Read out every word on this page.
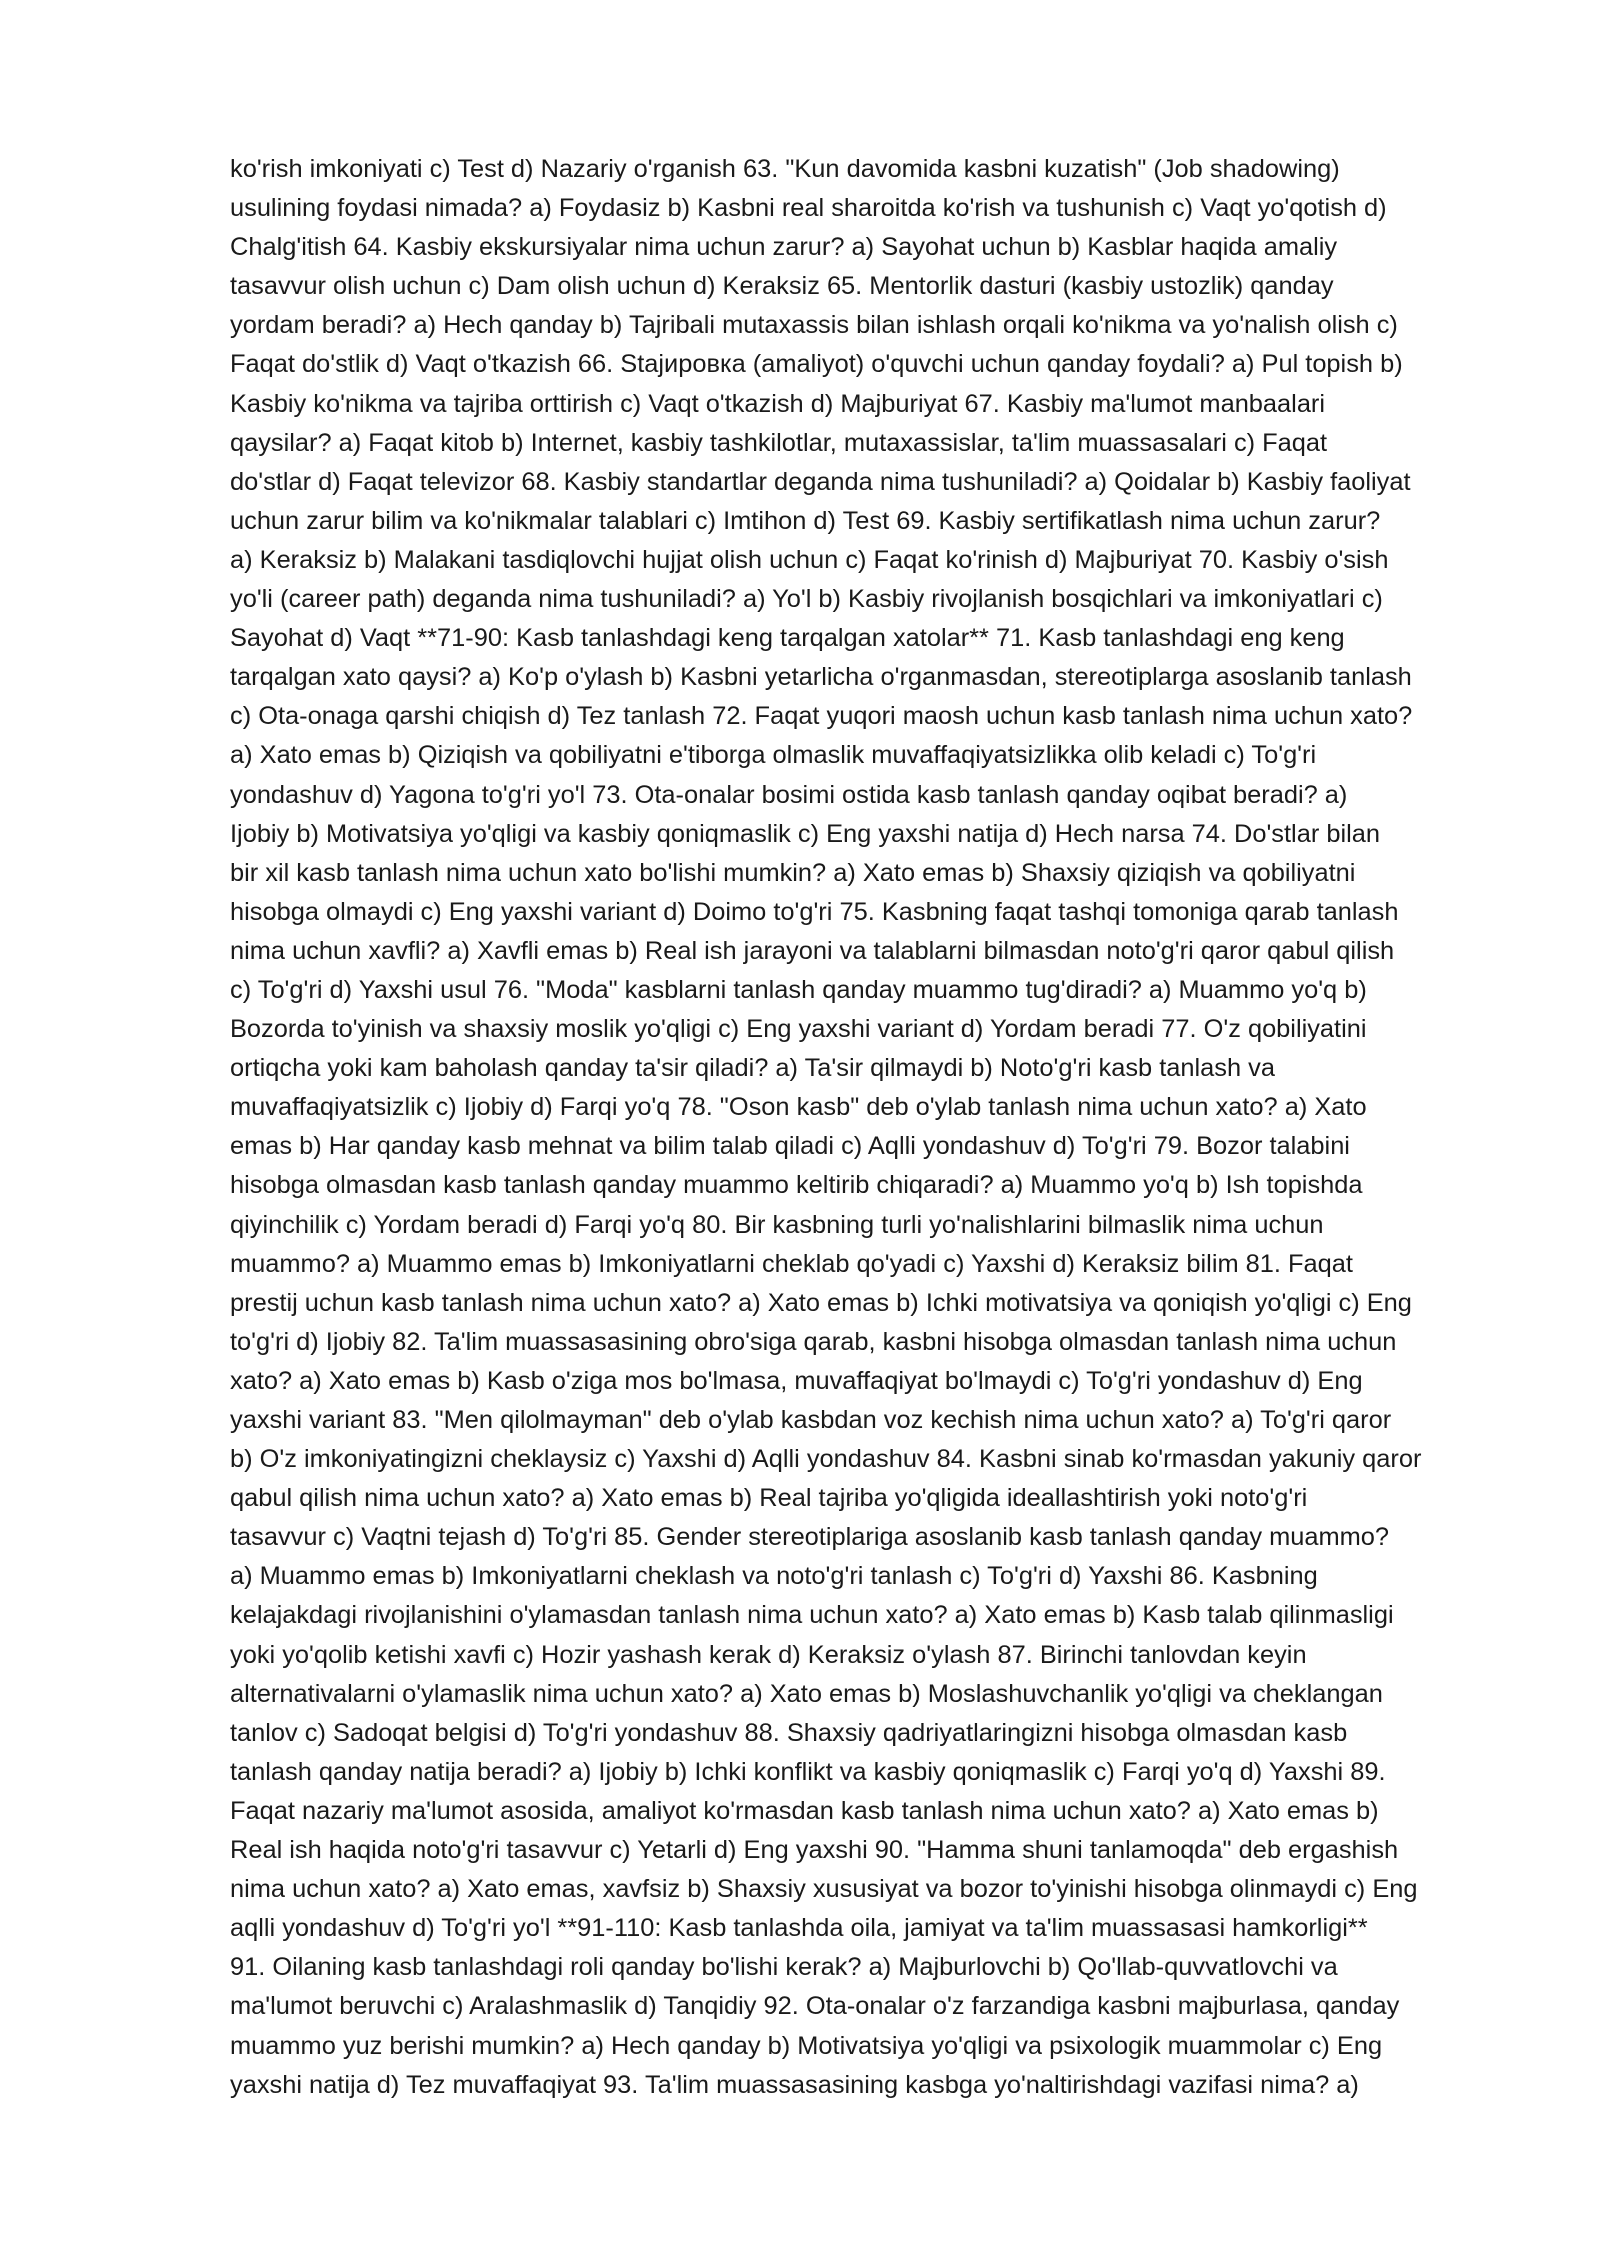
ko'rish imkoniyati c) Test d) Nazariy o'rganish 63. "Kun davomida kasbni kuzatish" (Job shadowing)
usulining foydasi nimada? a) Foydasiz b) Kasbni real sharoitda ko'rish va tushunish c) Vaqt yo'qotish d)
Chalg'itish 64. Kasbiy ekskursiyalar nima uchun zarur? a) Sayohat uchun b) Kasblar haqida amaliy
tasavvur olish uchun c) Dam olish uchun d) Keraksiz 65. Mentorlik dasturi (kasbiy ustozlik) qanday
yordam beradi? a) Hech qanday b) Tajribali mutaxassis bilan ishlash orqali ko'nikma va yo'nalish olish c)
Faqat do'stlik d) Vaqt o'tkazish 66. Stajировка (amaliyot) o'quvchi uchun qanday foydali? a) Pul topish b)
Kasbiy ko'nikma va tajriba orttirish c) Vaqt o'tkazish d) Majburiyat 67. Kasbiy ma'lumot manbaalari
qaysilar? a) Faqat kitob b) Internet, kasbiy tashkilotlar, mutaxassislar, ta'lim muassasalari c) Faqat
do'stlar d) Faqat televizor 68. Kasbiy standartlar deganda nima tushuniladi? a) Qoidalar b) Kasbiy faoliyat
uchun zarur bilim va ko'nikmalar talablari c) Imtihon d) Test 69. Kasbiy sertifikatlash nima uchun zarur?
a) Keraksiz b) Malakani tasdiqlovchi hujjat olish uchun c) Faqat ko'rinish d) Majburiyat 70. Kasbiy o'sish
yo'li (career path) deganda nima tushuniladi? a) Yo'l b) Kasbiy rivojlanish bosqichlari va imkoniyatlari c)
Sayohat d) Vaqt **71-90: Kasb tanlashdagi keng tarqalgan xatolar** 71. Kasb tanlashdagi eng keng
tarqalgan xato qaysi? a) Ko'p o'ylash b) Kasbni yetarlicha o'rganmasdan, stereotiplarga asoslanib tanlash
c) Ota-onaga qarshi chiqish d) Tez tanlash 72. Faqat yuqori maosh uchun kasb tanlash nima uchun xato?
a) Xato emas b) Qiziqish va qobiliyatni e'tiborga olmaslik muvaffaqiyatsizlikka olib keladi c) To'g'ri
yondashuv d) Yagona to'g'ri yo'l 73. Ota-onalar bosimi ostida kasb tanlash qanday oqibat beradi? a)
Ijobiy b) Motivatsiya yo'qligi va kasbiy qoniqmaslik c) Eng yaxshi natija d) Hech narsa 74. Do'stlar bilan
bir xil kasb tanlash nima uchun xato bo'lishi mumkin? a) Xato emas b) Shaxsiy qiziqish va qobiliyatni
hisobga olmaydi c) Eng yaxshi variant d) Doimo to'g'ri 75. Kasbning faqat tashqi tomoniga qarab tanlash
nima uchun xavfli? a) Xavfli emas b) Real ish jarayoni va talablarni bilmasdan noto'g'ri qaror qabul qilish
c) To'g'ri d) Yaxshi usul 76. "Moda" kasblarni tanlash qanday muammo tug'diradi? a) Muammo yo'q b)
Bozorda to'yinish va shaxsiy moslik yo'qligi c) Eng yaxshi variant d) Yordam beradi 77. O'z qobiliyatini
ortiqcha yoki kam baholash qanday ta'sir qiladi? a) Ta'sir qilmaydi b) Noto'g'ri kasb tanlash va
muvaffaqiyatsizlik c) Ijobiy d) Farqi yo'q 78. "Oson kasb" deb o'ylab tanlash nima uchun xato? a) Xato
emas b) Har qanday kasb mehnat va bilim talab qiladi c) Aqlli yondashuv d) To'g'ri 79. Bozor talabini
hisobga olmasdan kasb tanlash qanday muammo keltirib chiqaradi? a) Muammo yo'q b) Ish topishda
qiyinchilik c) Yordam beradi d) Farqi yo'q 80. Bir kasbning turli yo'nalishlarini bilmaslik nima uchun
muammo? a) Muammo emas b) Imkoniyatlarni cheklab qo'yadi c) Yaxshi d) Keraksiz bilim 81. Faqat
prestij uchun kasb tanlash nima uchun xato? a) Xato emas b) Ichki motivatsiya va qoniqish yo'qligi c) Eng
to'g'ri d) Ijobiy 82. Ta'lim muassasasining obro'siga qarab, kasbni hisobga olmasdan tanlash nima uchun
xato? a) Xato emas b) Kasb o'ziga mos bo'lmasa, muvaffaqiyat bo'lmaydi c) To'g'ri yondashuv d) Eng
yaxshi variant 83. "Men qilolmayman" deb o'ylab kasbdan voz kechish nima uchun xato? a) To'g'ri qaror
b) O'z imkoniyatingizni cheklaysiz c) Yaxshi d) Aqlli yondashuv 84. Kasbni sinab ko'rmasdan yakuniy qaror
qabul qilish nima uchun xato? a) Xato emas b) Real tajriba yo'qligida ideallashtirish yoki noto'g'ri
tasavvur c) Vaqtni tejash d) To'g'ri 85. Gender stereotiplariga asoslanib kasb tanlash qanday muammo?
a) Muammo emas b) Imkoniyatlarni cheklash va noto'g'ri tanlash c) To'g'ri d) Yaxshi 86. Kasbning
kelajakdagi rivojlanishini o'ylamasdan tanlash nima uchun xato? a) Xato emas b) Kasb talab qilinmasligi
yoki yo'qolib ketishi xavfi c) Hozir yashash kerak d) Keraksiz o'ylash 87. Birinchi tanlovdan keyin
alternativalarni o'ylamaslik nima uchun xato? a) Xato emas b) Moslashuvchanlik yo'qligi va cheklangan
tanlov c) Sadoqat belgisi d) To'g'ri yondashuv 88. Shaxsiy qadriyatlaringizni hisobga olmasdan kasb
tanlash qanday natija beradi? a) Ijobiy b) Ichki konflikt va kasbiy qoniqmaslik c) Farqi yo'q d) Yaxshi 89.
Faqat nazariy ma'lumot asosida, amaliyot ko'rmasdan kasb tanlash nima uchun xato? a) Xato emas b)
Real ish haqida noto'g'ri tasavvur c) Yetarli d) Eng yaxshi 90. "Hamma shuni tanlamoqda" deb ergashish
nima uchun xato? a) Xato emas, xavfsiz b) Shaxsiy xususiyat va bozor to'yinishi hisobga olinmaydi c) Eng
aqlli yondashuv d) To'g'ri yo'l **91-110: Kasb tanlashda oila, jamiyat va ta'lim muassasasi hamkorligi**
91. Oilaning kasb tanlashdagi roli qanday bo'lishi kerak? a) Majburlovchi b) Qo'llab-quvvatlovchi va
ma'lumot beruvchi c) Aralashmaslik d) Tanqidiy 92. Ota-onalar o'z farzandiga kasbni majburlasa, qanday
muammo yuz berishi mumkin? a) Hech qanday b) Motivatsiya yo'qligi va psixologik muammolar c) Eng
yaxshi natija d) Tez muvaffaqiyat 93. Ta'lim muassasasining kasbga yo'naltirishdagi vazifasi nima? a)
